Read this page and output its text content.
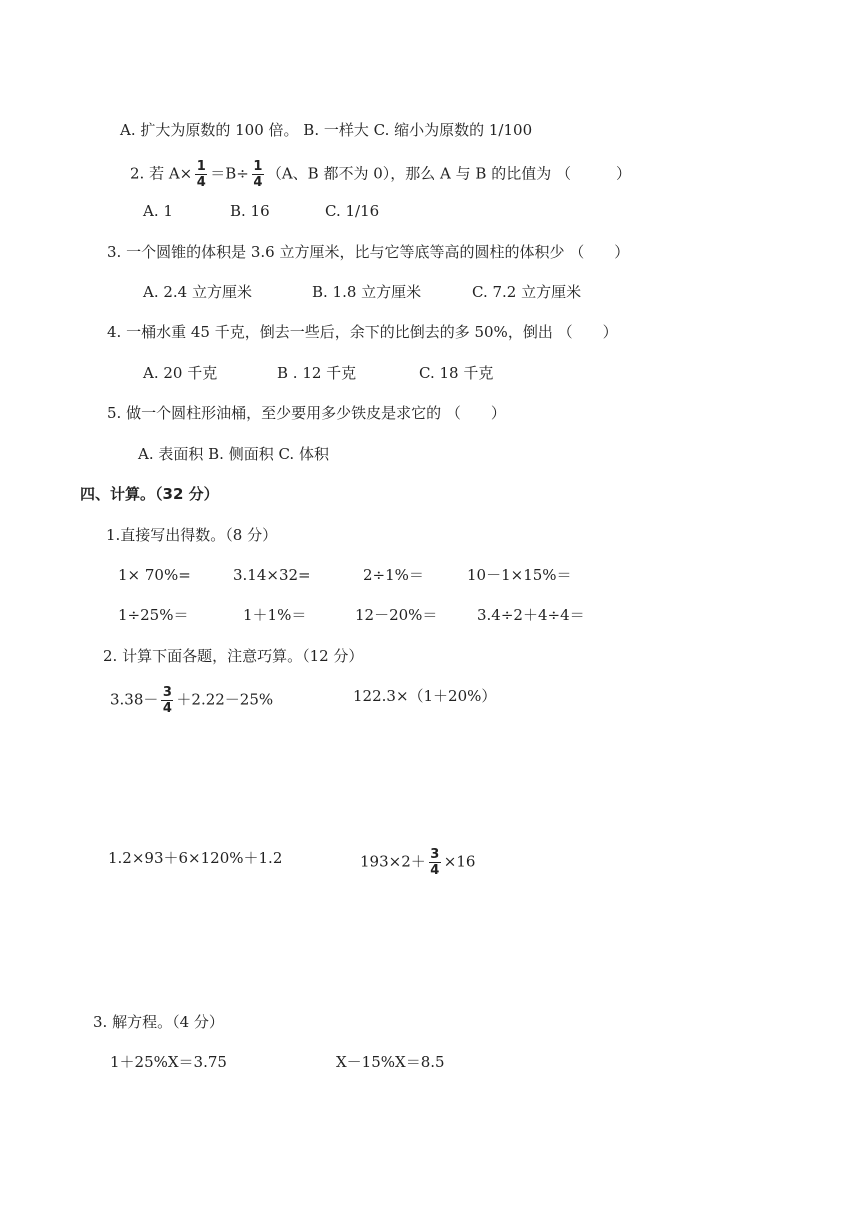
A. 扩大为原数的 100 倍。 B. 一样大 C. 缩小为原数的 1/100
2. 若 $A\times \frac{1}{4} =B\div \frac{1}{4} (A$、B 都不为 0），那么 A 与 B 的比值为 （　　　）
A. 1	B. 16	C. 1/16
3. 一个圆锥的体积是 3.6 立方厘米，比与它等底等高的圆柱的体积少 （　　）
A. 2.4 立方厘米	B. 1.8 立方厘米	C. 7.2 立方厘米
4. 一桶水重 45 千克，倒去一些后，余下的比倒去的多 50%，倒出 （　　）
A. 20 千克	B . 12 千克	C. 18 千克
5. 做一个圆柱形油桶，至少要用多少铁皮是求它的 （　　）
A. 表面积 B. 侧面积 C. 体积
四、计算。（32 分）
1.直接写出得数。（8 分）
1× 70%=	3.14×32=	2÷1%＝	10－1×15%＝
1÷25%＝	1＋1%＝	12－20%＝	3.4÷2＋4÷4＝
2. 计算下面各题，注意巧算。（12 分）
$3.38- \frac{3}{4} +2.22-25\%$	122.3×（1＋20%）
1.2×93＋6×120%＋1.2	$193\times 2+ \frac{3}{4} \times 16$
3. 解方程。（4 分）
1＋25%X＝3.75	X－15%X＝8.5
